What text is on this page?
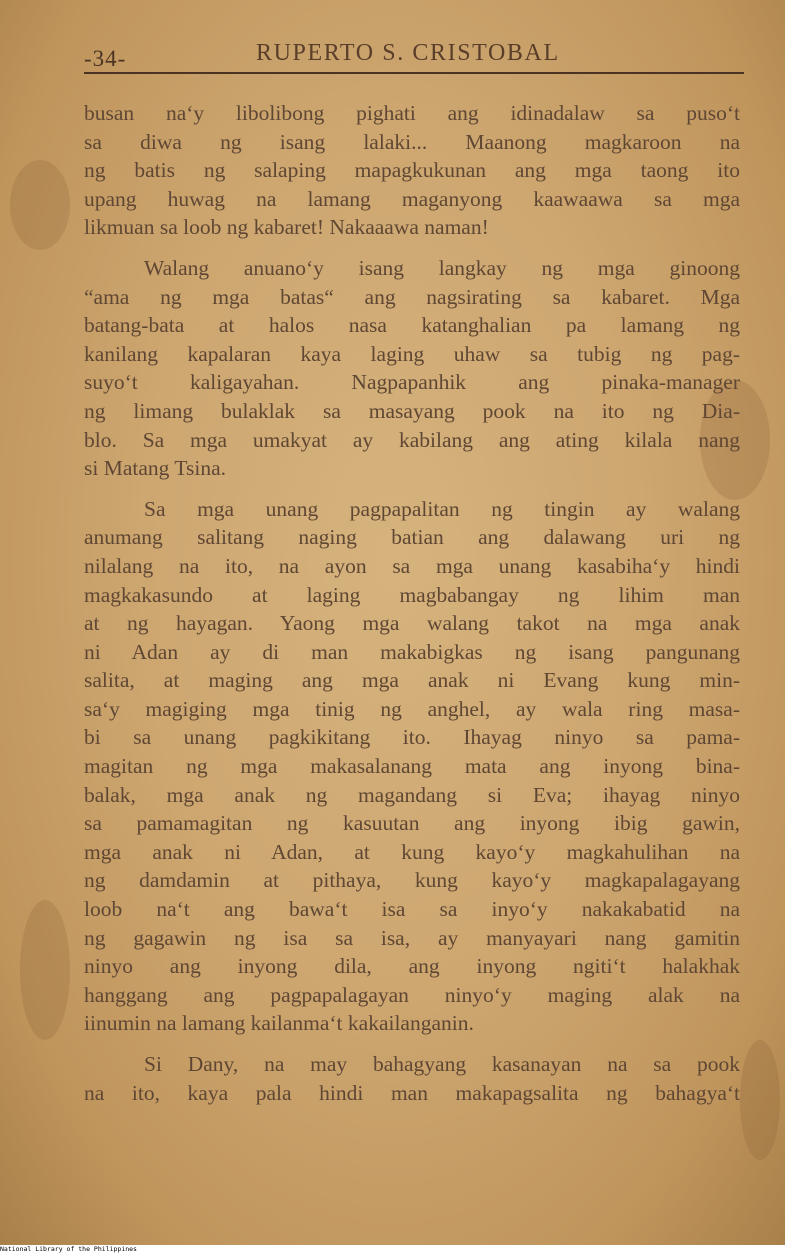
-34-	RUPERTO S. CRISTOBAL

busan na‘y libolibong pighati ang idinadalaw sa puso‘t

sa diwa ng isang lalaki... Maanong magkaroon na

ng batis ng salaping mapagkukunan ang mga taong ito

upang huwag na lamang maganyong kaawaawa sa mga

likmuan sa loob ng kabaret! Nakaaawa naman!

Walang anuano‘y isang langkay ng mga ginoong

“ama ng mga batas“ ang nagsirating sa kabaret. Mga

batang-bata at halos nasa katanghalian pa lamang ng

kanilang kapalaran kaya laging uhaw sa tubig ng pag-

suyo‘t kaligayahan. Nagpapanhik ang pinaka-manager

ng limang bulaklak sa masayang pook na ito ng Dia-

blo. Sa mga umakyat ay kabilang ang ating kilala nang

si Matang Tsina.

Sa mga unang pagpapalitan ng tingin ay walang

anumang salitang naging batian ang dalawang uri ng

nilalang na ito, na ayon sa mga unang kasabiha‘y hindi

magkakasundo at laging magbabangay ng lihim man

at ng hayagan. Yaong mga walang takot na mga anak

ni Adan ay di man makabigkas ng isang pangunang

salita, at maging ang mga anak ni Evang kung min-

sa‘y magiging mga tinig ng anghel, ay wala ring masa-

bi sa unang pagkikitang ito. Ihayag ninyo sa pama-

magitan ng mga makasalanang mata ang inyong bina-

balak, mga anak ng magandang si Eva; ihayag ninyo

sa pamamagitan ng kasuutan ang inyong ibig gawin,

mga anak ni Adan, at kung kayo‘y magkahulihan na

ng damdamin at pithaya, kung kayo‘y magkapalagayang

loob na‘t ang bawa‘t isa sa inyo‘y nakakabatid na

ng gagawin ng isa sa isa, ay manyayari nang gamitin

ninyo ang inyong dila, ang inyong ngiti‘t halakhak

hanggang ang pagpapalagayan ninyo‘y maging alak na

iinumin na lamang kailanma‘t kakailanganin.

Si Dany, na may bahagyang kasanayan na sa pook

na ito, kaya pala hindi man makapagsalita ng bahagya‘t

National Library of the Philippines
